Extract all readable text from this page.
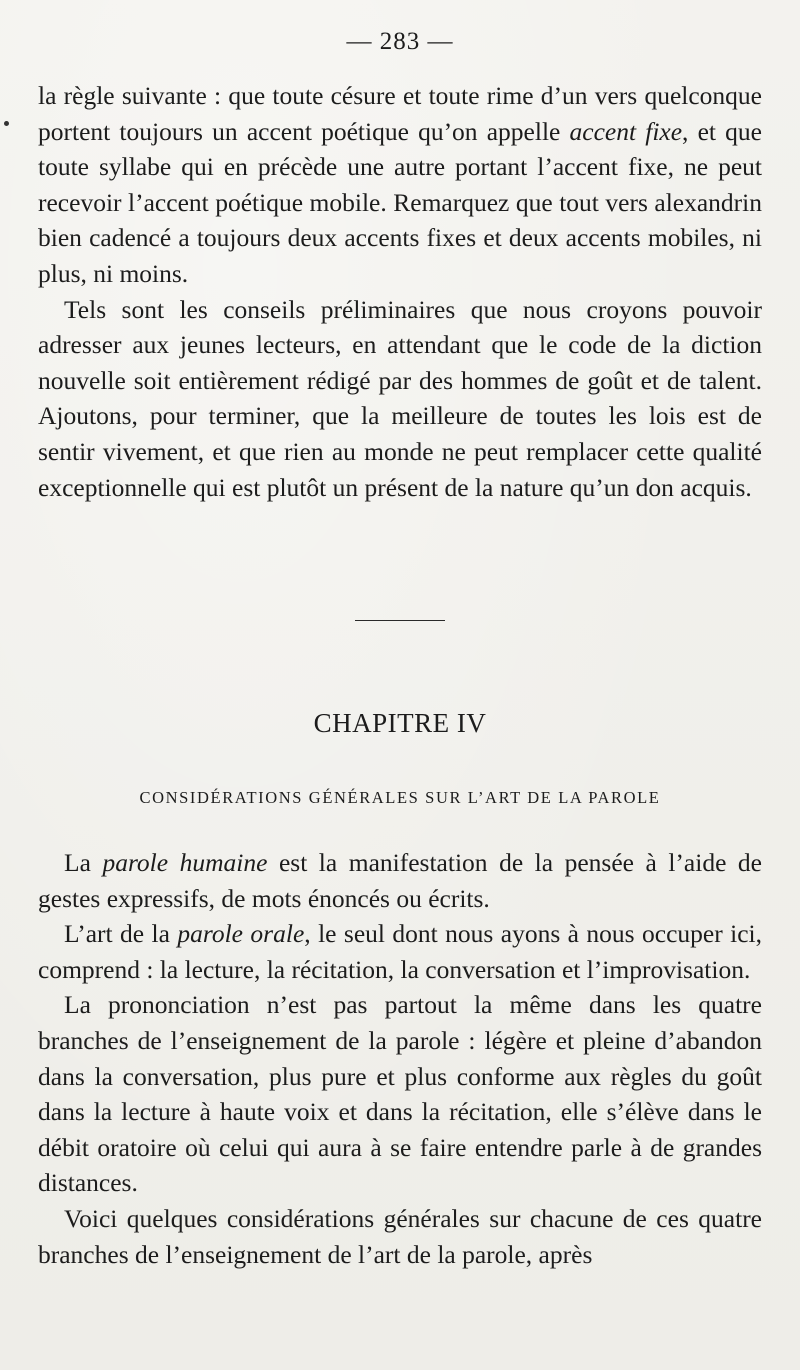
— 283 —

la règle suivante : que toute césure et toute rime d’un vers quelconque portent toujours un accent poétique qu’on appelle accent fixe, et que toute syllabe qui en précède une autre portant l’accent fixe, ne peut recevoir l’accent poétique mobile. Remarquez que tout vers alexandrin bien cadencé a toujours deux accents fixes et deux accents mobiles, ni plus, ni moins.

Tels sont les conseils préliminaires que nous croyons pouvoir adresser aux jeunes lecteurs, en attendant que le code de la diction nouvelle soit entièrement rédigé par des hommes de goût et de talent. Ajoutons, pour terminer, que la meilleure de toutes les lois est de sentir vivement, et que rien au monde ne peut remplacer cette qualité exceptionnelle qui est plutôt un présent de la nature qu’un don acquis.

CHAPITRE IV
CONSIDÉRATIONS GÉNÉRALES SUR L’ART DE LA PAROLE

La parole humaine est la manifestation de la pensée à l’aide de gestes expressifs, de mots énoncés ou écrits.

L’art de la parole orale, le seul dont nous ayons à nous occuper ici, comprend : la lecture, la récitation, la conversation et l’improvisation.

La prononciation n’est pas partout la même dans les quatre branches de l’enseignement de la parole : légère et pleine d’abandon dans la conversation, plus pure et plus conforme aux règles du goût dans la lecture à haute voix et dans la récitation, elle s’élève dans le débit oratoire où celui qui aura à se faire entendre parle à de grandes distances.

Voici quelques considérations générales sur chacune de ces quatre branches de l’enseignement de l’art de la parole, après
